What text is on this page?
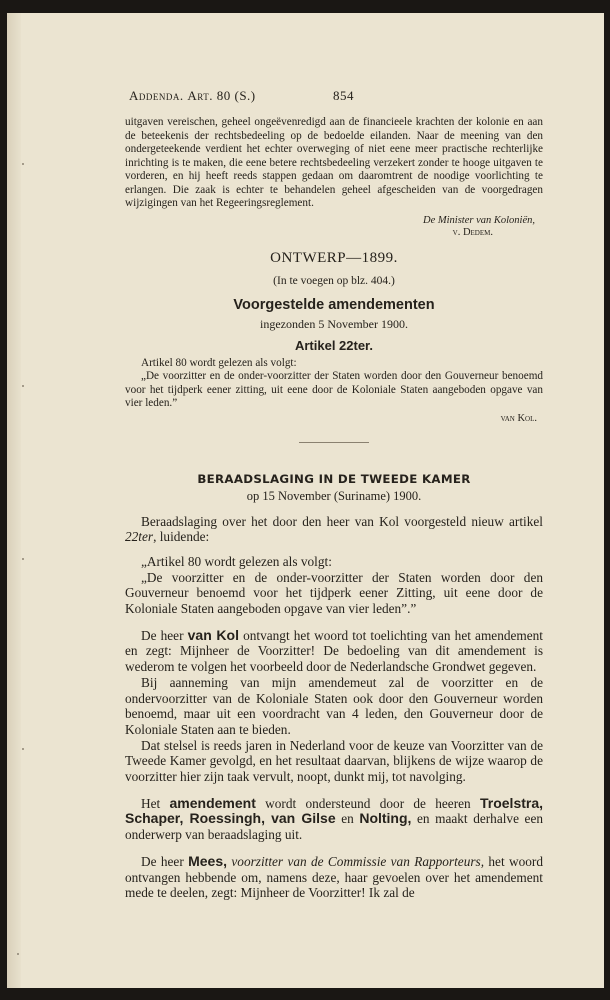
Addenda. Art. 80 (S.)	854
uitgaven vereischen, geheel ongeëvenredigd aan de financieele krachten der kolonie en aan de beteekenis der rechtsbedeeling op de bedoelde eilanden. Naar de meening van den ondergeteekende verdient het echter overweging of niet eene meer practische rechterlijke inrichting is te maken, die eene betere rechtsbedeeling verzekert zonder te hooge uitgaven te vorderen, en hij heeft reeds stappen gedaan om daaromtrent de noodige voorlichting te erlangen. Die zaak is echter te behandelen geheel afgescheiden van de voorgedragen wijzigingen van het Regeeringsreglement.
De Minister van Koloniën,
v. Dedem.
ONTWERP—1899.
(In te voegen op blz. 404.)
Voorgestelde amendementen
ingezonden 5 November 1900.
Artikel 22ter.

Artikel 80 wordt gelezen als volgt:

„De voorzitter en de onder-voorzitter der Staten worden door den Gouverneur benoemd voor het tijdperk eener zitting, uit eene door de Koloniale Staten aangeboden opgave van vier leden.”

van Kol.
BERAADSLAGING IN DE TWEEDE KAMER
op 15 November (Suriname) 1900.

Beraadslaging over het door den heer van Kol voorgesteld nieuw artikel 22ter, luidende:

„Artikel 80 wordt gelezen als volgt:

„De voorzitter en de onder-voorzitter der Staten worden door den Gouverneur benoemd voor het tijdperk eener Zitting, uit eene door de Koloniale Staten aangeboden opgave van vier leden”.”

De heer van Kol ontvangt het woord tot toelichting van het amendement en zegt: Mijnheer de Voorzitter! De bedoeling van dit amendement is wederom te volgen het voorbeeld door de Nederlandsche Grondwet gegeven.

Bij aanneming van mijn amendemeut zal de voorzitter en de ondervoorzitter van de Koloniale Staten ook door den Gouverneur worden benoemd, maar uit een voordracht van 4 leden, den Gouverneur door de Koloniale Staten aan te bieden.

Dat stelsel is reeds jaren in Nederland voor de keuze van Voorzitter van de Tweede Kamer gevolgd, en het resultaat daarvan, blijkens de wijze waarop de voorzitter hier zijn taak vervult, noopt, dunkt mij, tot navolging.

Het amendement wordt ondersteund door de heeren Troelstra, Schaper, Roessingh, van Gilse en Nolting, en maakt derhalve een onderwerp van beraadslaging uit.

De heer Mees, voorzitter van de Commissie van Rapporteurs, het woord ontvangen hebbende om, namens deze, haar gevoelen over het amendement mede te deelen, zegt: Mijnheer de Voorzitter! Ik zal de
